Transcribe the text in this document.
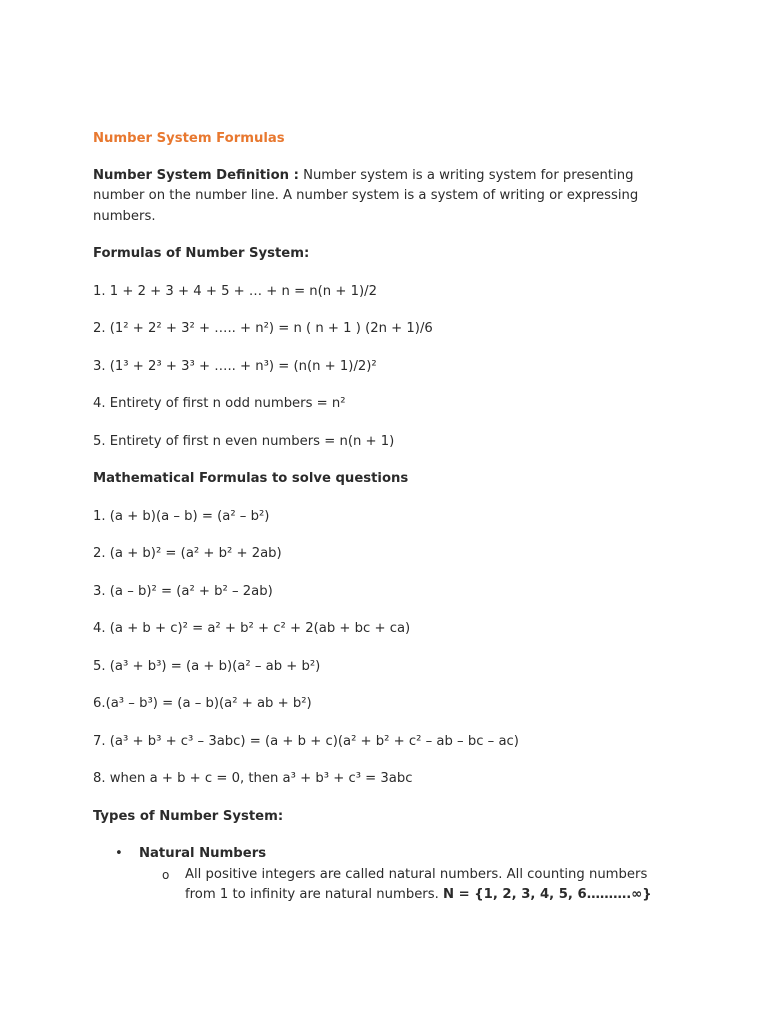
Number System Formulas
Number System Definition : Number system is a writing system for presenting number on the number line. A number system is a system of writing or expressing numbers.
Formulas of Number System:
1. 1 + 2 + 3 + 4 + 5 + … + n = n(n + 1)/2
2. (1² + 2² + 3² + ….. + n²) = n ( n + 1 ) (2n + 1)/6
3. (1³ + 2³ + 3³ + ….. + n³) = (n(n + 1)/2)²
4. Entirety of first n odd numbers = n²
5. Entirety of first n even numbers = n(n + 1)
Mathematical Formulas to solve questions
1. (a + b)(a – b) = (a² – b²)
2. (a + b)² = (a² + b² + 2ab)
3. (a – b)² = (a² + b² – 2ab)
4. (a + b + c)² = a² + b² + c² + 2(ab + bc + ca)
5. (a³ + b³) = (a + b)(a² – ab + b²)
6.(a³ – b³) = (a – b)(a² + ab + b²)
7. (a³ + b³ + c³ – 3abc) = (a + b + c)(a² + b² + c² – ab – bc – ac)
8. when a + b + c = 0, then a³ + b³ + c³ = 3abc
Types of Number System:
• Natural Numbers
o All positive integers are called natural numbers. All counting numbers from 1 to infinity are natural numbers. N = {1, 2, 3, 4, 5, 6……….∞}
